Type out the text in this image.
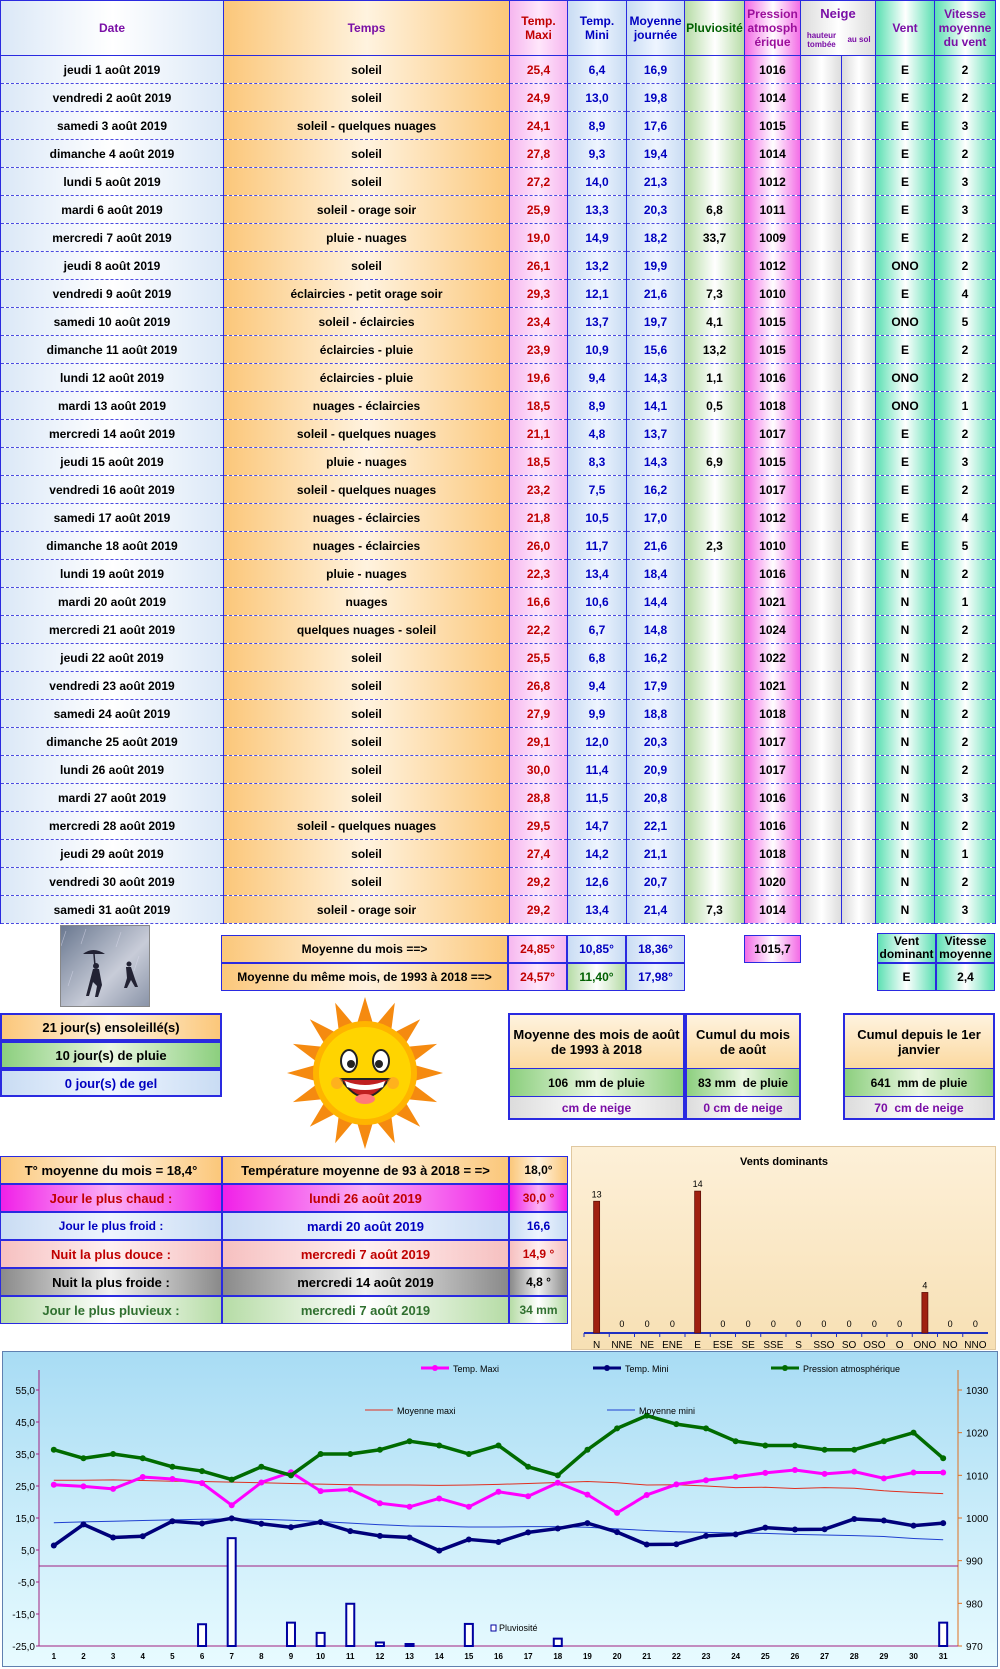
Date	Temps	Temp. Maxi	Temp. Mini	Moyenne journée	Pluviosité	Pression atmosphérique	Neige
hauteur tombée
au sol		Vent	Vitesse moyenne du vent
jeudi 1 août 2019	soleil	25,4	6,4	16,9		1016			E	2
vendredi 2 août 2019	soleil	24,9	13,0	19,8		1014			E	2
samedi 3 août 2019	soleil - quelques nuages	24,1	8,9	17,6		1015			E	3
dimanche 4 août 2019	soleil	27,8	9,3	19,4		1014			E	2
lundi 5 août 2019	soleil	27,2	14,0	21,3		1012			E	3
mardi 6 août 2019	soleil - orage soir	25,9	13,3	20,3	6,8	1011			E	3
mercredi 7 août 2019	pluie - nuages	19,0	14,9	18,2	33,7	1009			E	2
jeudi 8 août 2019	soleil	26,1	13,2	19,9		1012			ONO	2
vendredi 9 août 2019	éclaircies - petit orage soir	29,3	12,1	21,6	7,3	1010			E	4
samedi 10 août 2019	soleil - éclaircies	23,4	13,7	19,7	4,1	1015			ONO	5
dimanche 11 août 2019	éclaircies - pluie	23,9	10,9	15,6	13,2	1015			E	2
lundi 12 août 2019	éclaircies - pluie	19,6	9,4	14,3	1,1	1016			ONO	2
mardi 13 août 2019	nuages - éclaircies	18,5	8,9	14,1	0,5	1018			ONO	1
mercredi 14 août 2019	soleil - quelques nuages	21,1	4,8	13,7		1017			E	2
jeudi 15 août 2019	pluie - nuages	18,5	8,3	14,3	6,9	1015			E	3
vendredi 16 août 2019	soleil - quelques nuages	23,2	7,5	16,2		1017			E	2
samedi 17 août 2019	nuages - éclaircies	21,8	10,5	17,0		1012			E	4
dimanche 18 août 2019	nuages - éclaircies	26,0	11,7	21,6	2,3	1010			E	5
lundi 19 août 2019	pluie - nuages	22,3	13,4	18,4		1016			N	2
mardi 20 août 2019	nuages	16,6	10,6	14,4		1021			N	1
mercredi 21 août 2019	quelques nuages - soleil	22,2	6,7	14,8		1024			N	2
jeudi 22 août 2019	soleil	25,5	6,8	16,2		1022			N	2
vendredi 23 août 2019	soleil	26,8	9,4	17,9		1021			N	2
samedi 24 août 2019	soleil	27,9	9,9	18,8		1018			N	2
dimanche 25 août 2019	soleil	29,1	12,0	20,3		1017			N	2
lundi 26 août 2019	soleil	30,0	11,4	20,9		1017			N	2
mardi 27 août 2019	soleil	28,8	11,5	20,8		1016			N	3
mercredi 28 août 2019	soleil - quelques nuages	29,5	14,7	22,1		1016			N	2
jeudi 29 août 2019	soleil	27,4	14,2	21,1		1018			N	1
vendredi 30 août 2019	soleil	29,2	12,6	20,7		1020			N	2
samedi 31 août 2019	soleil - orage soir	29,2	13,4	21,4	7,3	1014			N	3
Moyenne du mois ==>	24,85°	10,85°	18,36°	1015,7
Moyenne du même mois, de 1993 à 2018 ==>	24,57°	11,40°	17,98°
Vent dominant
Vitesse moyenne
E	2,4
21 jour(s) ensoleillé(s)
10 jour(s) de pluie
0 jour(s) de gel
Moyenne des mois de août de 1993 à 2018
106
mm de pluie
cm de neige
Cumul du mois de août
83 mm
de pluie
0 cm de neige
Cumul depuis le 1er janvier
641
mm de pluie
70
cm de neige
T° moyenne du mois = 18,4°	Température moyenne de 93 à 2018 = =>	18,0°
Jour le plus chaud :	lundi 26 août 2019	30,0 °
Jour le plus froid :	mardi 20 août 2019	16,6
Nuit la plus douce :	mercredi 7 août 2019	14,9 °
Nuit la plus froide :	mercredi 14 août 2019	4,8 °
Jour le plus pluvieux :	mercredi 7 août 2019	34 mm
Vents dominants
13
N
0
NNE
0
NE
0
ENE
14
E
0
ESE
0
SE
0
SSE
0
S
0
SSO
0
SO
0
OSO
0
O
4
ONO
0
NO
0
NNO
55,0
45,0
35,0
25,0
15,0
5,0
-5,0
-15,0
-25,0
1030
1020
1010
1000
990
980
970
1	2	3	4	5	6	7	8	9	10	11	12	13	14	15	16	17	18	19	20	21	22	23	24	25	26	27	28	29	30	31
Temp. Maxi	Temp. Mini	Pression atmosphérique
Moyenne maxi	Moyenne mini
Pluviosité
